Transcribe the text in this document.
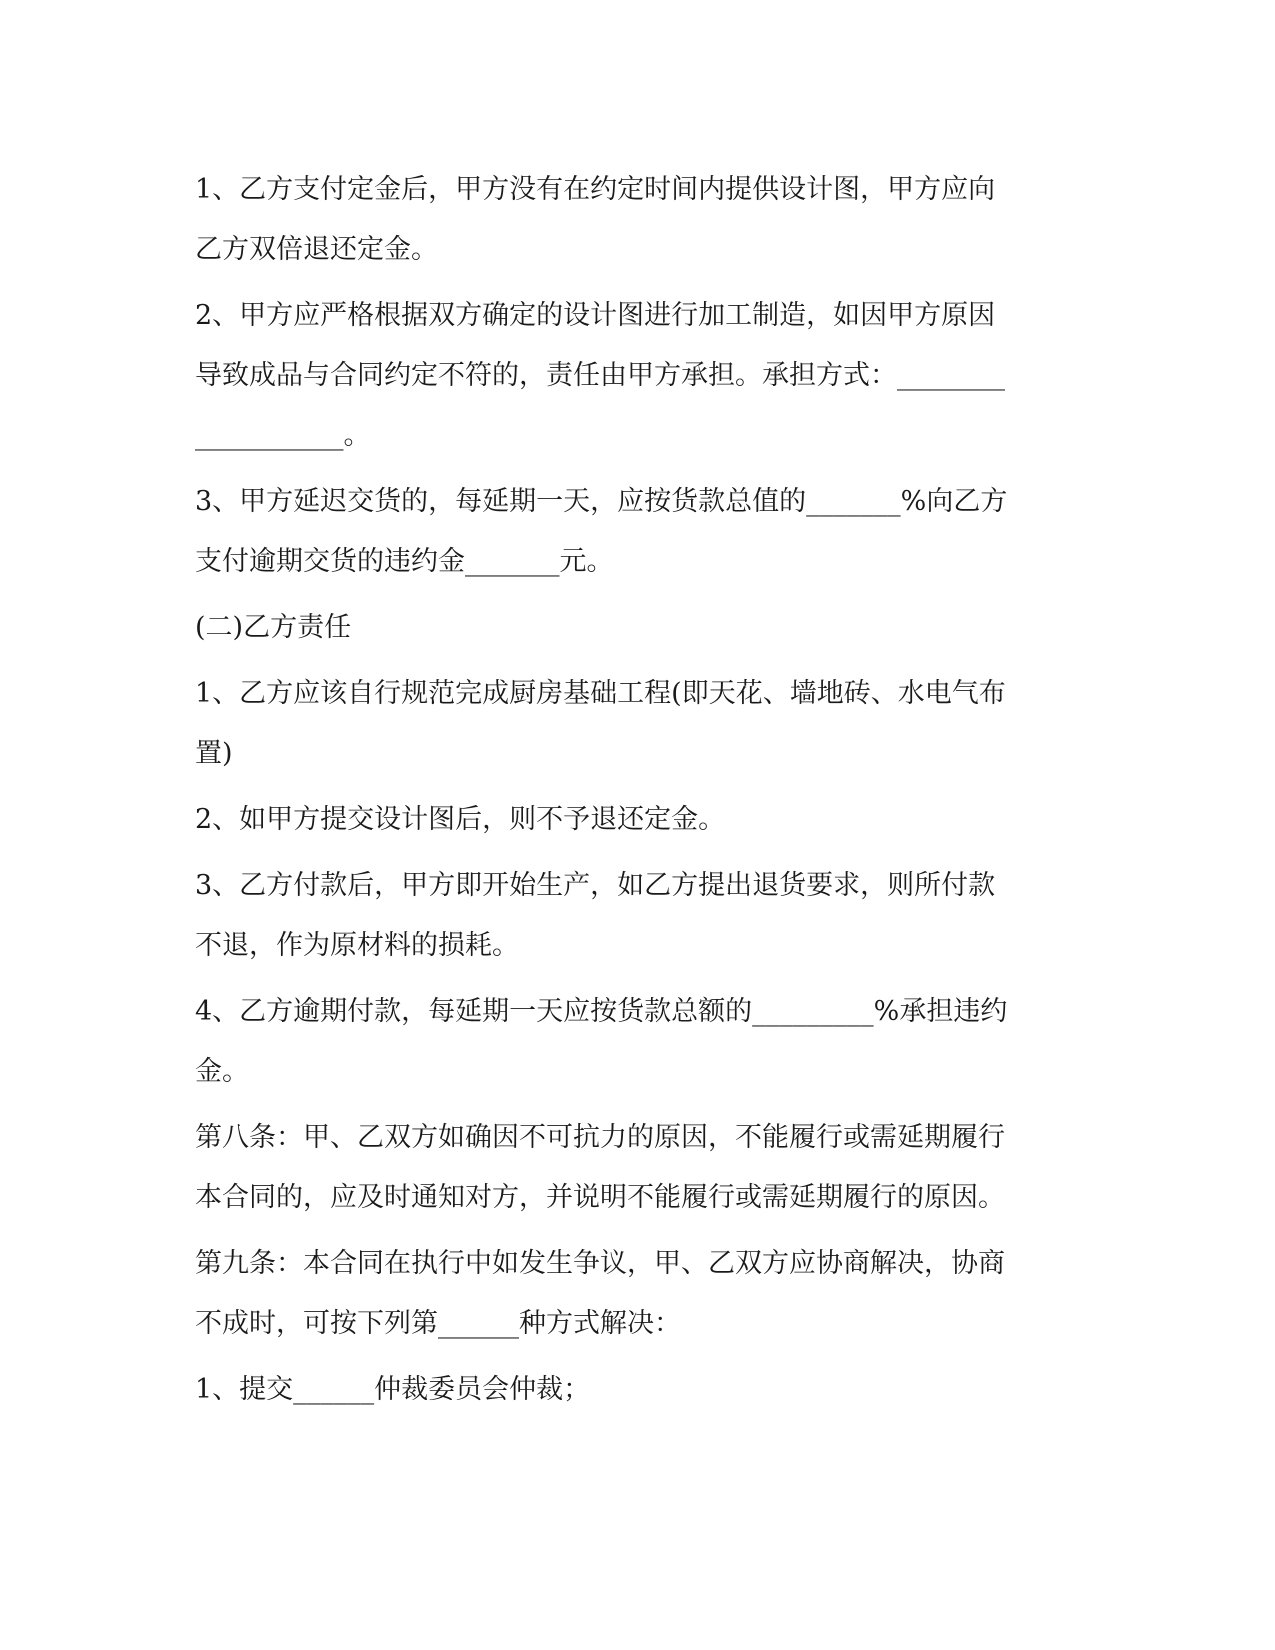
1、乙方支付定金后，甲方没有在约定时间内提供设计图，甲方应向

乙方双倍退还定金。

2、甲方应严格根据双方确定的设计图进行加工制造，如因甲方原因

导致成品与合同约定不符的，责任由甲方承担。承担方式：________

___________。

3、甲方延迟交货的，每延期一天，应按货款总值的_______%向乙方

支付逾期交货的违约金_______元。

(二)乙方责任

1、乙方应该自行规范完成厨房基础工程(即天花、墙地砖、水电气布

置)

2、如甲方提交设计图后，则不予退还定金。

3、乙方付款后，甲方即开始生产，如乙方提出退货要求，则所付款

不退，作为原材料的损耗。

4、乙方逾期付款，每延期一天应按货款总额的_________%承担违约

金。

第八条：甲、乙双方如确因不可抗力的原因，不能履行或需延期履行

本合同的，应及时通知对方，并说明不能履行或需延期履行的原因。

第九条：本合同在执行中如发生争议，甲、乙双方应协商解决，协商

不成时，可按下列第______种方式解决：

1、提交______仲裁委员会仲裁；
